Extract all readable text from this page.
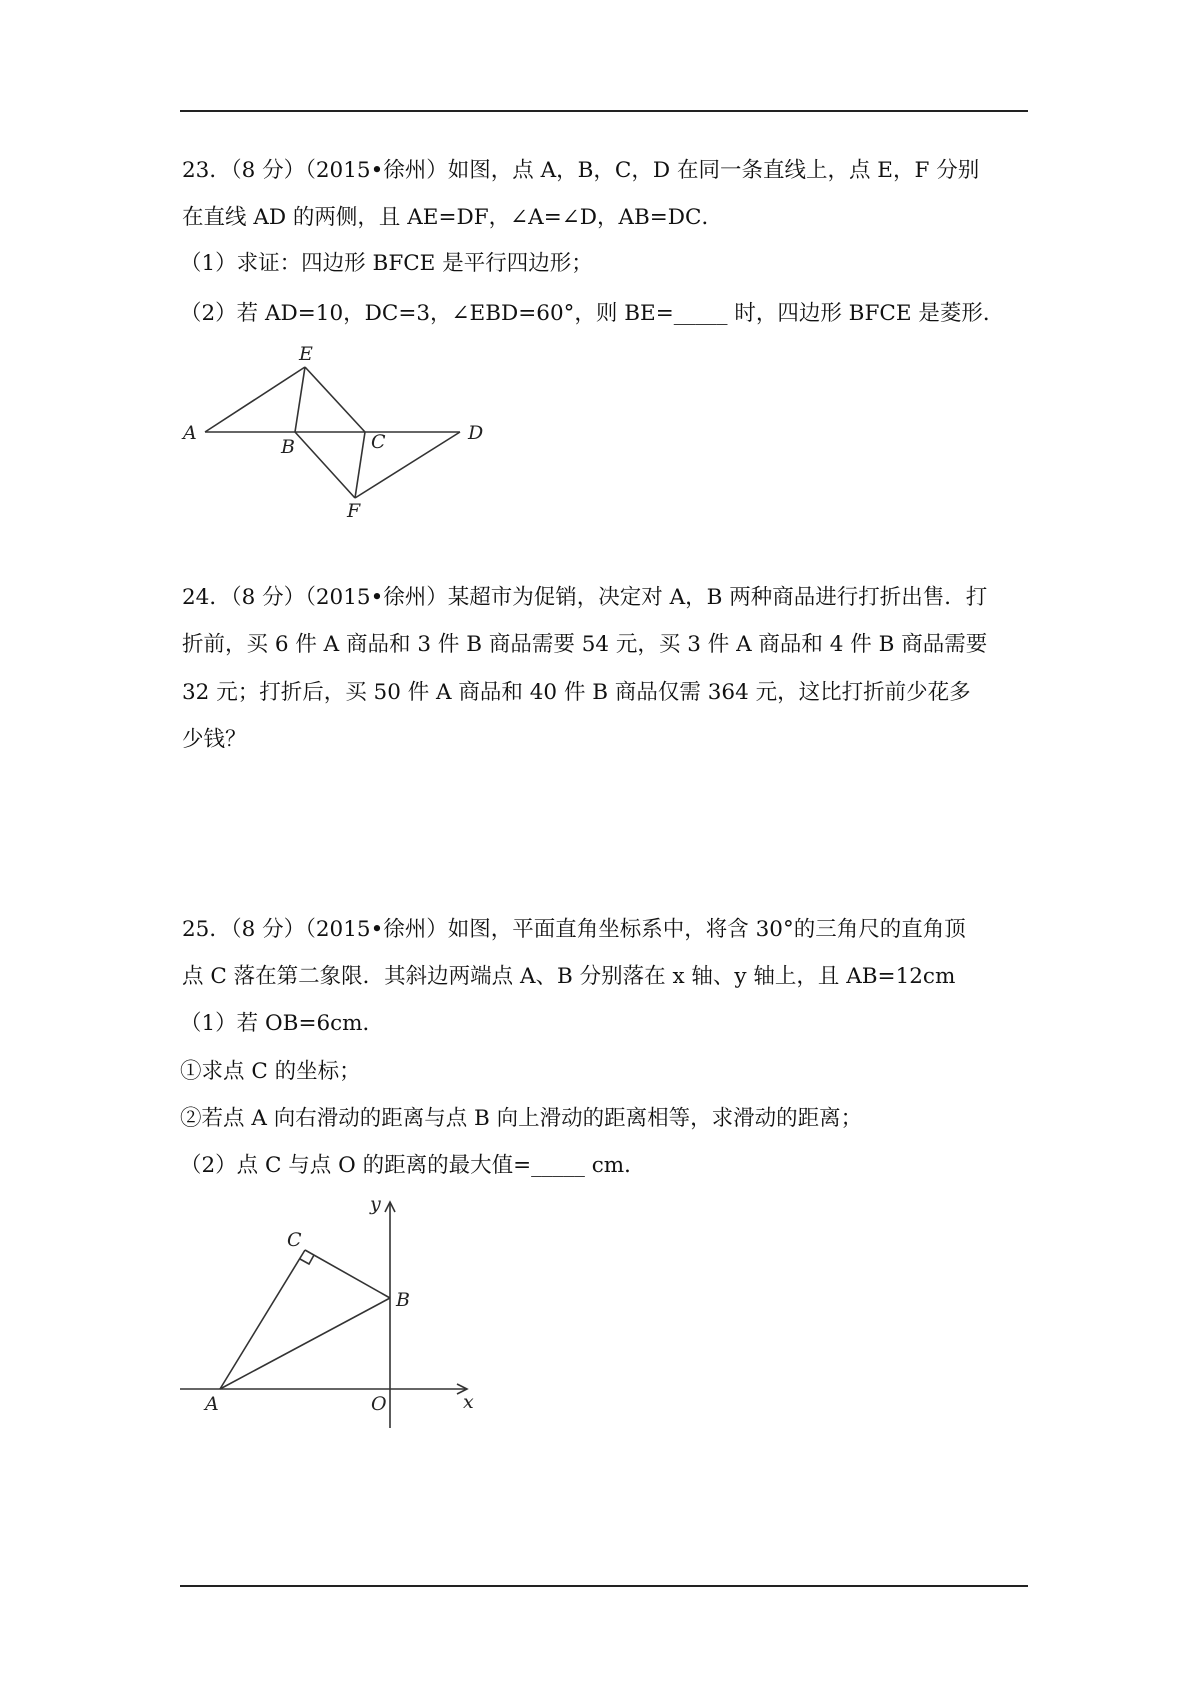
23．（8 分）（2015•徐州）如图，点 A，B，C，D 在同一条直线上，点 E，F 分别
在直线 AD 的两侧，且 AE=DF，∠A=∠D，AB=DC．
（1）求证：四边形 BFCE 是平行四边形；
（2）若 AD=10，DC=3，∠EBD=60°，则 BE=_____ 时，四边形 BFCE 是菱形．
A
B	C	D
E
F
24．（8 分）（2015•徐州）某超市为促销，决定对 A，B 两种商品进行打折出售．打
折前，买 6 件 A 商品和 3 件 B 商品需要 54 元，买 3 件 A 商品和 4 件 B 商品需要
32 元；打折后，买 50 件 A 商品和 40 件 B 商品仅需 364 元，这比打折前少花多
少钱？
25．（8 分）（2015•徐州）如图，平面直角坐标系中，将含 30°的三角尺的直角顶
点 C 落在第二象限．其斜边两端点 A、B 分别落在 x 轴、y 轴上，且 AB=12cm
（1）若 OB=6cm．
①求点 C 的坐标；
②若点 A 向右滑动的距离与点 B 向上滑动的距离相等，求滑动的距离；
（2）点 C 与点 O 的距离的最大值=_____ cm．
A
B
C
O	x
y
